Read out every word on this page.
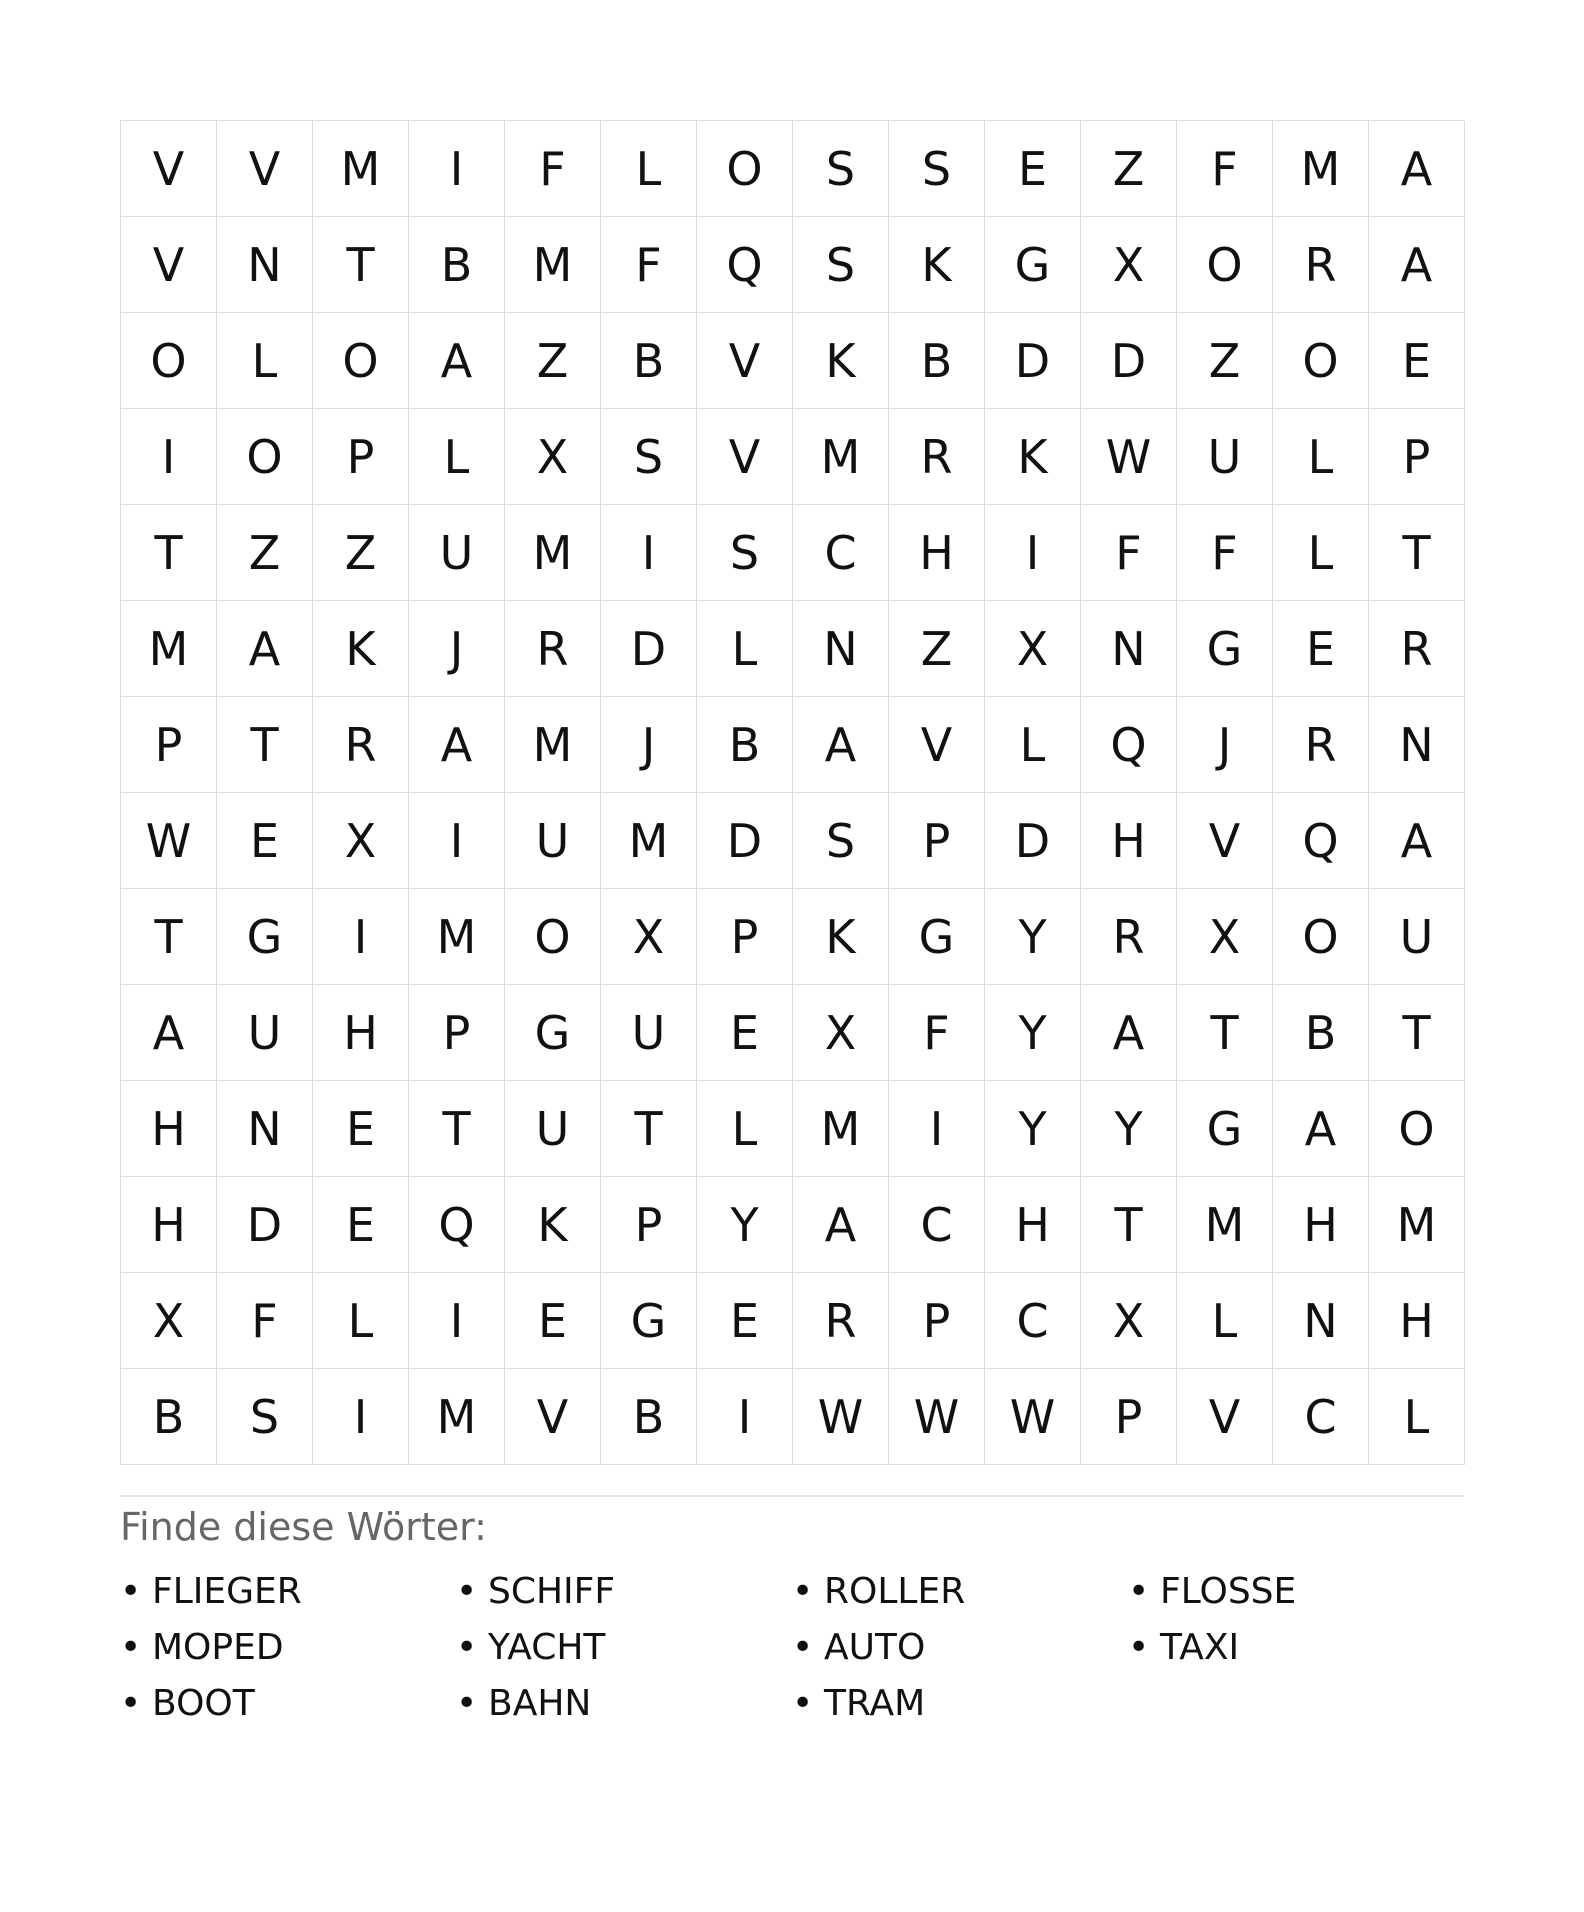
V	V	M	I	F	L	O	S	S	E	Z	F	M	A
V	N	T	B	M	F	Q	S	K	G	X	O	R	A
O	L	O	A	Z	B	V	K	B	D	D	Z	O	E
I	O	P	L	X	S	V	M	R	K	W	U	L	P
T	Z	Z	U	M	I	S	C	H	I	F	F	L	T
M	A	K	J	R	D	L	N	Z	X	N	G	E	R
P	T	R	A	M	J	B	A	V	L	Q	J	R	N
W	E	X	I	U	M	D	S	P	D	H	V	Q	A
T	G	I	M	O	X	P	K	G	Y	R	X	O	U
A	U	H	P	G	U	E	X	F	Y	A	T	B	T
H	N	E	T	U	T	L	M	I	Y	Y	G	A	O
H	D	E	Q	K	P	Y	A	C	H	T	M	H	M
X	F	L	I	E	G	E	R	P	C	X	L	N	H
B	S	I	M	V	B	I	W	W	W	P	V	C	L
Finde diese Wörter:
• FLIEGER	• SCHIFF	• ROLLER	• FLOSSE
• MOPED	• YACHT	• AUTO	• TAXI
• BOOT	• BAHN	• TRAM
